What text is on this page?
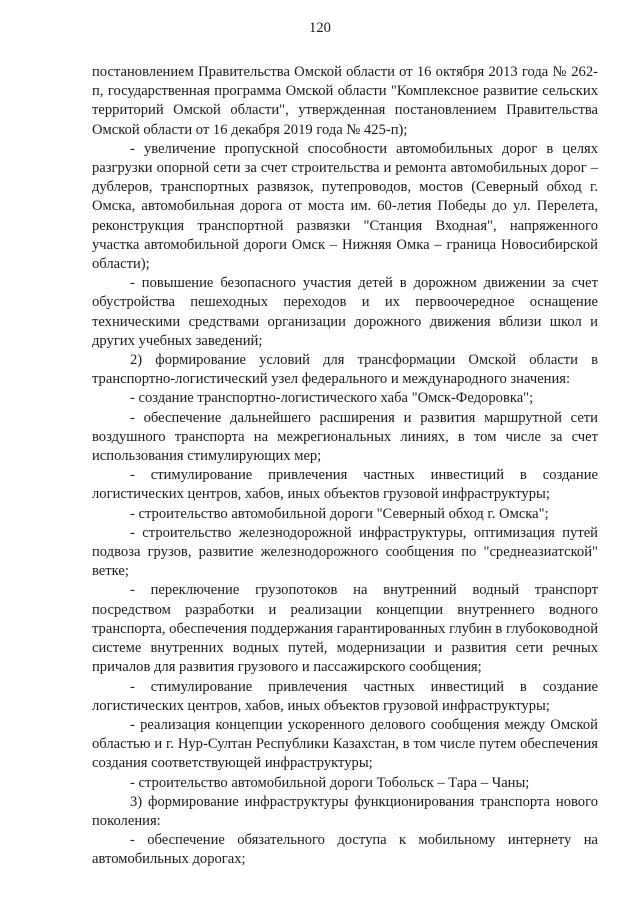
120

постановлением Правительства Омской области от 16 октября 2013 года № 262-п, государственная программа Омской области "Комплексное развитие сельских территорий Омской области", утвержденная постановлением Правительства Омской области от 16 декабря 2019 года № 425-п);

- увеличение пропускной способности автомобильных дорог в целях разгрузки опорной сети за счет строительства и ремонта автомобильных дорог – дублеров, транспортных развязок, путепроводов, мостов (Северный обход г. Омска, автомобильная дорога от моста им. 60-летия Победы до ул. Перелета, реконструкция транспортной развязки "Станция Входная", напряженного участка автомобильной дороги Омск – Нижняя Омка – граница Новосибирской области);

- повышение безопасного участия детей в дорожном движении за счет обустройства пешеходных переходов и их первоочередное оснащение техническими средствами организации дорожного движения вблизи школ и других учебных заведений;

2) формирование условий для трансформации Омской области в транспортно-логистический узел федерального и международного значения:

- создание транспортно-логистического хаба "Омск-Федоровка";

- обеспечение дальнейшего расширения и развития маршрутной сети воздушного транспорта на межрегиональных линиях, в том числе за счет использования стимулирующих мер;

- стимулирование привлечения частных инвестиций в создание логистических центров, хабов, иных объектов грузовой инфраструктуры;

- строительство автомобильной дороги "Северный обход г. Омска";

- строительство железнодорожной инфраструктуры, оптимизация путей подвоза грузов, развитие железнодорожного сообщения по "среднеазиатской" ветке;

- переключение грузопотоков на внутренний водный транспорт посредством разработки и реализации концепции внутреннего водного транспорта, обеспечения поддержания гарантированных глубин в глубоководной системе внутренних водных путей, модернизации и развития сети речных причалов для развития грузового и пассажирского сообщения;

- стимулирование привлечения частных инвестиций в создание логистических центров, хабов, иных объектов грузовой инфраструктуры;

- реализация концепции ускоренного делового сообщения между Омской областью и г. Нур-Султан Республики Казахстан, в том числе путем обеспечения создания соответствующей инфраструктуры;

- строительство автомобильной дороги Тобольск – Тара – Чаны;

3) формирование инфраструктуры функционирования транспорта нового поколения:

- обеспечение обязательного доступа к мобильному интернету на автомобильных дорогах;
